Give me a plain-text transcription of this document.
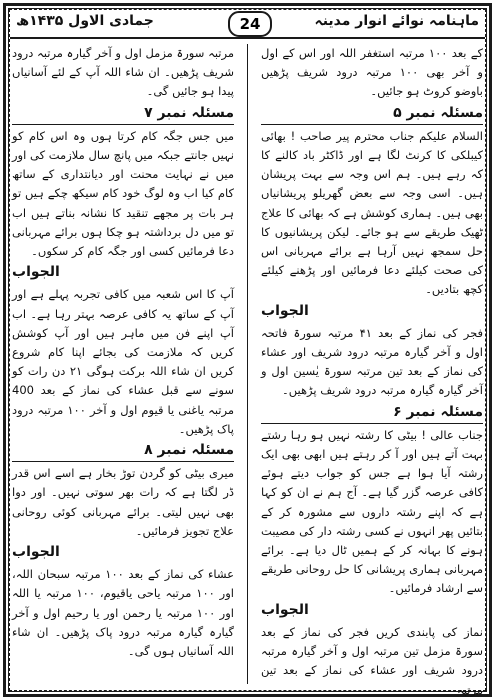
ماہنامہ نوائے انوار مدینہ
24
جمادی الاول ۱۴۳۵ھ

کے بعد ۱۰۰ مرتبہ استغفر اللہ اور اس کے اول و آخر بھی ۱۰۰ مرتبہ درود شریف پڑھیں باوضو کروٹ ہو جائیں۔

مسئلہ نمبر ۵

السلام علیکم جناب محترم پیر صاحب ! بھائی کیبلکی کا کرنٹ لگا ہے اور ڈاکٹر باد کالنے کا کہ رہے ہیں۔ ہم اس وجہ سے بہت پریشان ہیں۔ اسی وجہ سے بعض گھریلو پریشانیاں بھی ہیں۔ ہماری کوشش ہے کہ بھائی کا علاج ٹھیک طریقے سے ہو جائے۔ لیکن پریشانیوں کا حل سمجھ نہیں آرہا ہے برائے مہربانی اس کی صحت کیلئے دعا فرمائیں اور پڑھنے کیلئے کچھ بتادیں۔

الجواب

فجر کی نماز کے بعد ۴۱ مرتبہ سورۃ فاتحہ اول و آخر گیارہ مرتبہ درود شریف اور عشاء کی نماز کے بعد تین مرتبہ سورۃ یٰسین اول و آخر گیارہ گیارہ مرتبہ درود شریف پڑھیں۔

مسئلہ نمبر ۶

جناب عالی ! بیٹی کا رشتہ نہیں ہو رہا رشتے بہت آتے ہیں اور آ کر رہتے ہیں ابھی بھی ایک رشتہ آیا ہوا ہے جس کو جواب دیتے ہوئے کافی عرصہ گزر گیا ہے۔ آج ہم نے ان کو کہا ہے کہ اپنے رشتہ داروں سے مشورہ کر کے بتائیں پھر انہوں نے کسی رشتہ دار کی مصیبت ہونے کا بہانہ کر کے ہمیں ٹال دیا ہے۔ برائے مہربانی ہماری پریشانی کا حل روحانی طریقے سے ارشاد فرمائیں۔

الجواب

نماز کی پابندی کریں فجر کی نماز کے بعد سورۃ مزمل تین مرتبہ اول و آخر گیارہ مرتبہ درود شریف اور عشاء کی نماز کے بعد تین مرتبہ

مرتبہ سورۃ مزمل اول و آخر گیارہ مرتبہ درود شریف پڑھیں۔ ان شاء اللہ آپ کے لئے آسانیاں پیدا ہو جائیں گی۔

مسئلہ نمبر ۷

میں جس جگہ کام کرتا ہوں وہ اس کام کو نہیں جانتے جبکہ میں پانچ سال ملازمت کی اور میں نے نہایت محنت اور دیانتداری کے ساتھ کام کیا اب وہ لوگ خود کام سیکھ چکے ہیں تو ہر بات پر مجھے تنقید کا نشانہ بناتے ہیں اب تو میں دل برداشتہ ہو چکا ہوں برائے مہربانی دعا فرمائیں کسی اور جگہ کام کر سکوں۔

الجواب

آپ کا اس شعبہ میں کافی تجربہ پہلے ہے اور آپ کے ساتھ یہ کافی عرصہ بہتر رہا ہے۔ اب آپ اپنے فن میں ماہر ہیں اور آپ کوشش کریں کہ ملازمت کی بجائے اپنا کام شروع کریں ان شاء اللہ برکت ہوگی ۲۱ دن رات کو سونے سے قبل عشاء کی نماز کے بعد 400 مرتبہ یاغنی یا قیوم اول و آخر ۱۰۰ مرتبہ درود پاک پڑھیں۔

مسئلہ نمبر ۸

میری بیٹی کو گردن توڑ بخار ہے اسے اس قدر ڈر لگتا ہے کہ رات بھر سوتی نہیں۔ اور دوا بھی نہیں لیتی۔ برائے مہربانی کوئی روحانی علاج تجویز فرمائیں۔

الجواب

عشاء کی نماز کے بعد ۱۰۰ مرتبہ سبحان اللہ، اور ۱۰۰ مرتبہ یاحی یاقیوم، ۱۰۰ مرتبہ یا اللہ اور ۱۰۰ مرتبہ یا رحمن اور یا رحیم اول و آخر گیارہ گیارہ مرتبہ درود پاک پڑھیں۔ ان شاء اللہ آسانیاں ہوں گی۔
